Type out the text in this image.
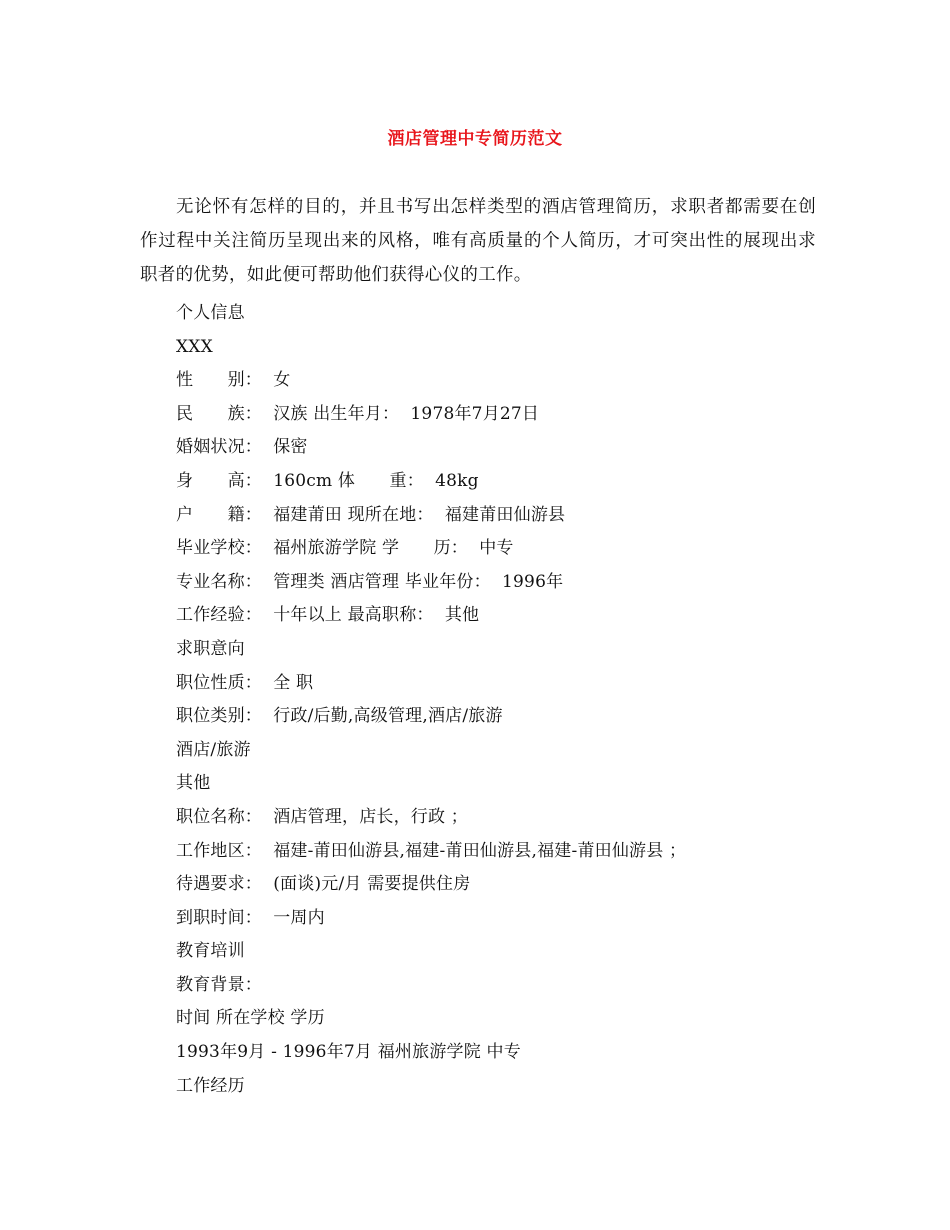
酒店管理中专简历范文
无论怀有怎样的目的，并且书写出怎样类型的酒店管理简历，求职者都需要在创作过程中关注简历呈现出来的风格，唯有高质量的个人简历，才可突出性的展现出求职者的优势，如此便可帮助他们获得心仪的工作。
个人信息
XXX
性　　别：  女
民　　族：  汉族 出生年月：  1978年7月27日
婚姻状况：  保密
身　　高：  160cm 体　　重：  48kg
户　　籍：  福建莆田 现所在地：  福建莆田仙游县
毕业学校：  福州旅游学院 学　　历：  中专
专业名称：  管理类 酒店管理 毕业年份：  1996年
工作经验：  十年以上 最高职称：  其他
求职意向
职位性质：  全 职
职位类别：  行政/后勤,高级管理,酒店/旅游
酒店/旅游
其他
职位名称：  酒店管理，店长，行政 ；
工作地区：  福建-莆田仙游县,福建-莆田仙游县,福建-莆田仙游县 ；
待遇要求：  (面谈)元/月 需要提供住房
到职时间：  一周内
教育培训
教育背景：
时间 所在学校 学历
1993年9月 - 1996年7月 福州旅游学院 中专
工作经历
